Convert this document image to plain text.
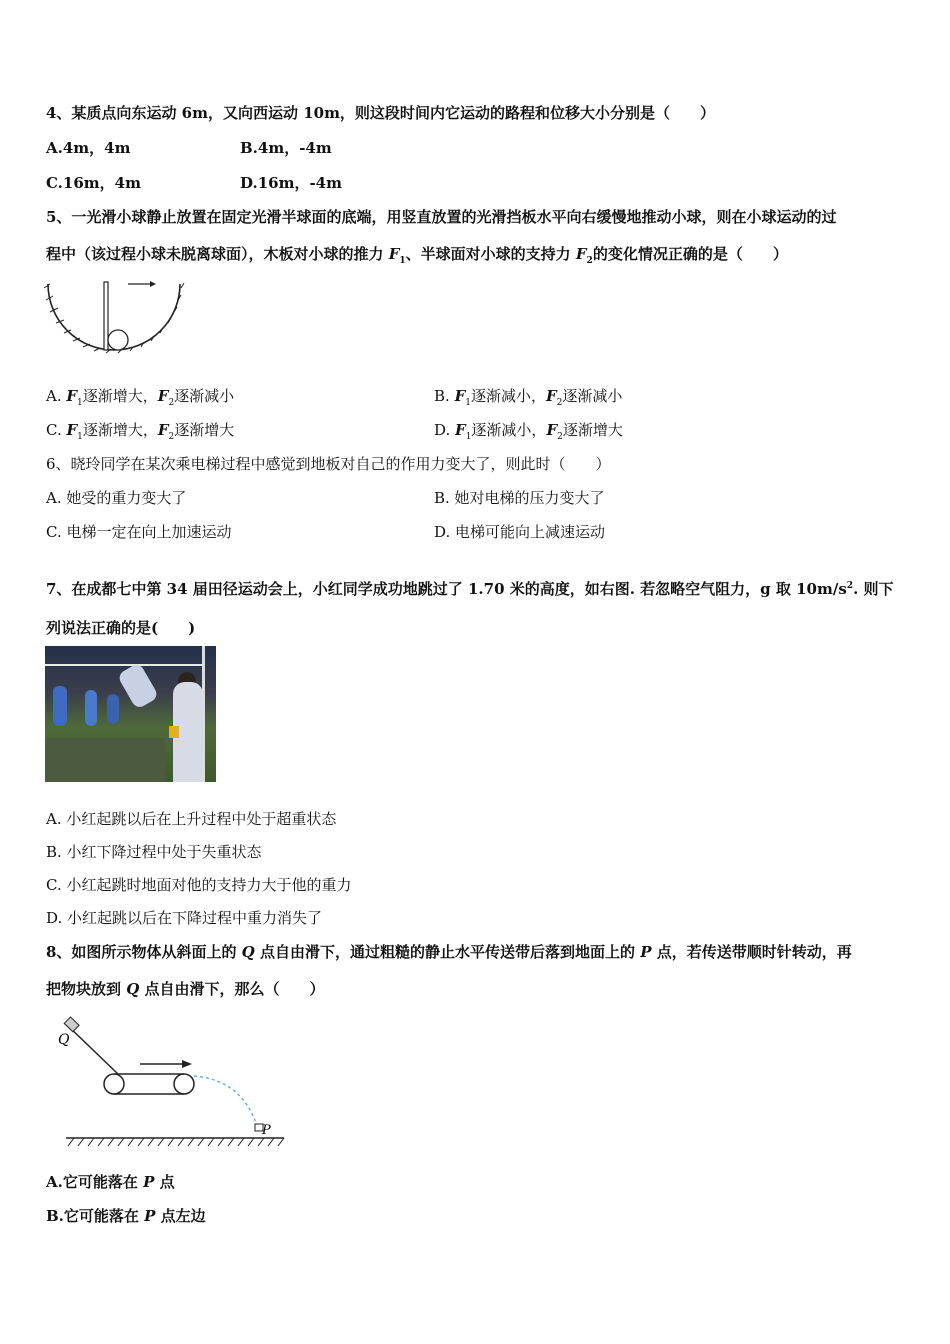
4、某质点向东运动 6m，又向西运动 10m，则这段时间内它运动的路程和位移大小分别是（　　）
A.4m，4m	B.4m，-4m
C.16m，4m	D.16m，-4m
5、一光滑小球静止放置在固定光滑半球面的底端，用竖直放置的光滑挡板水平向右缓慢地推动小球，则在小球运动的过
程中（该过程小球未脱离球面），木板对小球的推力 $F_1$、半球面对小球的支持力 $F_2$的变化情况正确的是（　　）
A. $F_1$逐渐增大，$F_2$逐渐减小	B. $F_1$逐渐减小，$F_2$逐渐减小
C. $F_1$逐渐增大，$F_2$逐渐增大	D. $F_1$逐渐减小，$F_2$逐渐增大
6、晓玲同学在某次乘电梯过程中感觉到地板对自己的作用力变大了，则此时（　　）
A. 她受的重力变大了	B. 她对电梯的压力变大了
C. 电梯一定在向上加速运动	D. 电梯可能向上减速运动
7、在成都七中第 34 届田径运动会上，小红同学成功地跳过了 1.70 米的高度，如右图. 若忽略空气阻力，g 取 $10m/s^2$. 则下
列说法正确的是(　　)
A. 小红起跳以后在上升过程中处于超重状态
B. 小红下降过程中处于失重状态
C. 小红起跳时地面对他的支持力大于他的重力
D. 小红起跳以后在下降过程中重力消失了
8、如图所示物体从斜面上的 Q 点自由滑下，通过粗糙的静止水平传送带后落到地面上的 P 点，若传送带顺时针转动，再
把物块放到 Q 点自由滑下，那么（　　）
Q
P
A.它可能落在 P 点
B.它可能落在 P 点左边
